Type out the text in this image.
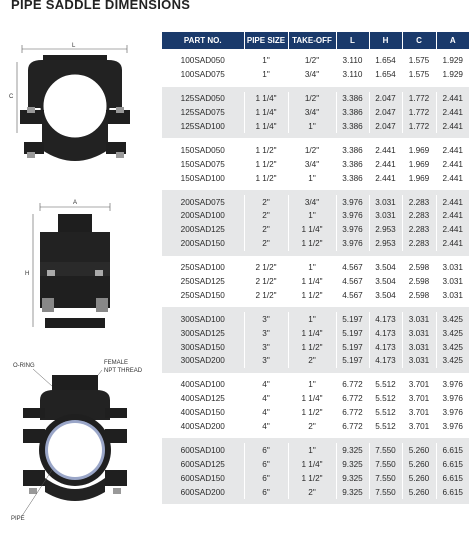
PIPE SADDLE DIMENSIONS
L
C
A
H
O-RING	FEMALE
NPT THREAD
PIPE
PART NO.	PIPE SIZE	TAKE-OFF	L	H	C	A

100SAD050	1"	1/2"	3.110	1.654	1.575	1.929
100SAD075	1"	3/4"	3.110	1.654	1.575	1.929

125SAD050	1 1/4"	1/2"	3.386	2.047	1.772	2.441
125SAD075	1 1/4"	3/4"	3.386	2.047	1.772	2.441
125SAD100	1 1/4"	1"	3.386	2.047	1.772	2.441

150SAD050	1 1/2"	1/2"	3.386	2.441	1.969	2.441
150SAD075	1 1/2"	3/4"	3.386	2.441	1.969	2.441
150SAD100	1 1/2"	1"	3.386	2.441	1.969	2.441

200SAD075	2"	3/4"	3.976	3.031	2.283	2.441
200SAD100	2"	1"	3.976	3.031	2.283	2.441
200SAD125	2"	1 1/4"	3.976	2.953	2.283	2.441
200SAD150	2"	1 1/2"	3.976	2.953	2.283	2.441

250SAD100	2 1/2"	1"	4.567	3.504	2.598	3.031
250SAD125	2 1/2"	1 1/4"	4.567	3.504	2.598	3.031
250SAD150	2 1/2"	1 1/2"	4.567	3.504	2.598	3.031

300SAD100	3"	1"	5.197	4.173	3.031	3.425
300SAD125	3"	1 1/4"	5.197	4.173	3.031	3.425
300SAD150	3"	1 1/2"	5.197	4.173	3.031	3.425
300SAD200	3"	2"	5.197	4.173	3.031	3.425

400SAD100	4"	1"	6.772	5.512	3.701	3.976
400SAD125	4"	1 1/4"	6.772	5.512	3.701	3.976
400SAD150	4"	1 1/2"	6.772	5.512	3.701	3.976
400SAD200	4"	2"	6.772	5.512	3.701	3.976

600SAD100	6"	1"	9.325	7.550	5.260	6.615
600SAD125	6"	1 1/4"	9.325	7.550	5.260	6.615
600SAD150	6"	1 1/2"	9.325	7.550	5.260	6.615
600SAD200	6"	2"	9.325	7.550	5.260	6.615
